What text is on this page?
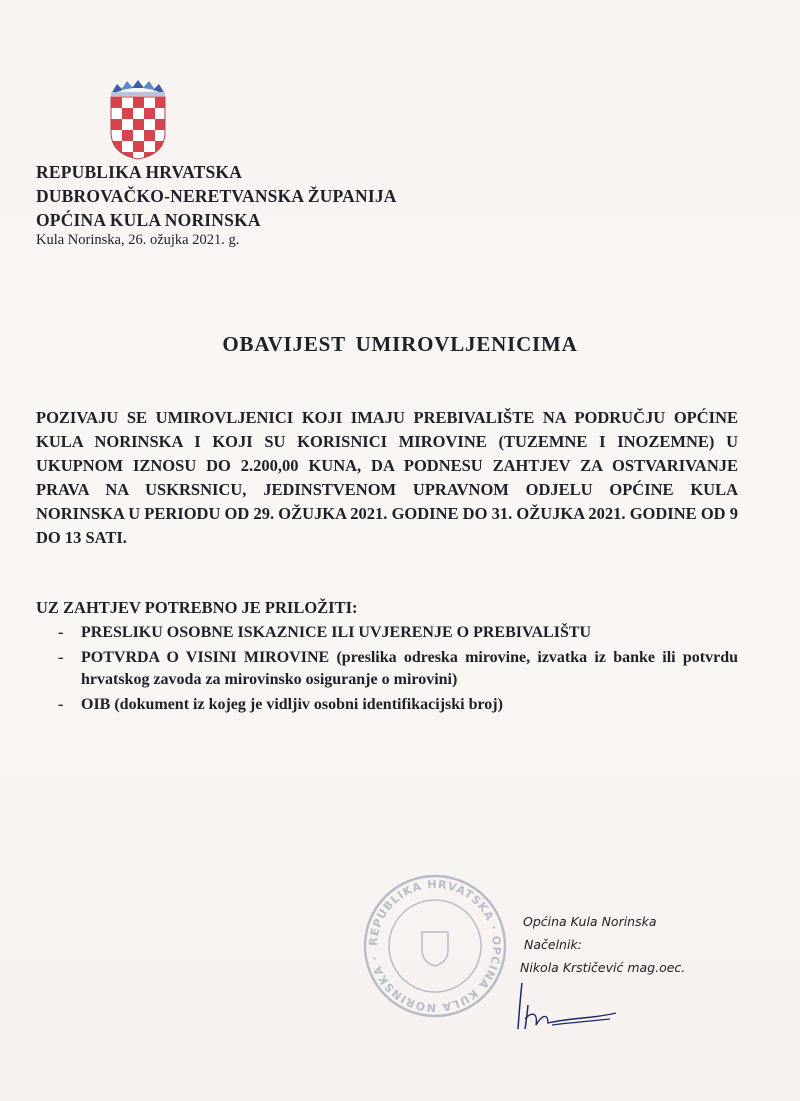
REPUBLIKA HRVATSKA
DUBROVAČKO-NERETVANSKA ŽUPANIJA
OPĆINA KULA NORINSKA
Kula Norinska, 26. ožujka 2021. g.
OBAVIJEST UMIROVLJENICIMA
POZIVAJU SE UMIROVLJENICI KOJI IMAJU PREBIVALIŠTE NA PODRUČJU OPĆINE KULA NORINSKA I KOJI SU KORISNICI MIROVINE (TUZEMNE I INOZEMNE) U UKUPNOM IZNOSU DO 2.200,00 KUNA, DA PODNESU ZAHTJEV ZA OSTVARIVANJE PRAVA NA USKRSNICU, JEDINSTVENOM UPRAVNOM ODJELU OPĆINE KULA NORINSKA U PERIODU OD 29. OŽUJKA 2021. GODINE DO 31. OŽUJKA 2021. GODINE OD 9 DO 13 SATI.
UZ ZAHTJEV POTREBNO JE PRILOŽITI:
- PRESLIKU OSOBNE ISKAZNICE ILI UVJERENJE O PREBIVALIŠTU
- POTVRDA O VISINI MIROVINE (preslika odreska mirovine, izvatka iz banke ili potvrdu hrvatskog zavoda za mirovinsko osiguranje o mirovini)
- OIB (dokument iz kojeg je vidljiv osobni identifikacijski broj)
REPUBLIKA HRVATSKA · OPĆINA KULA NORINSKA ·
Općina Kula Norinska
Načelnik:
Nikola Krstičević mag.oec.
